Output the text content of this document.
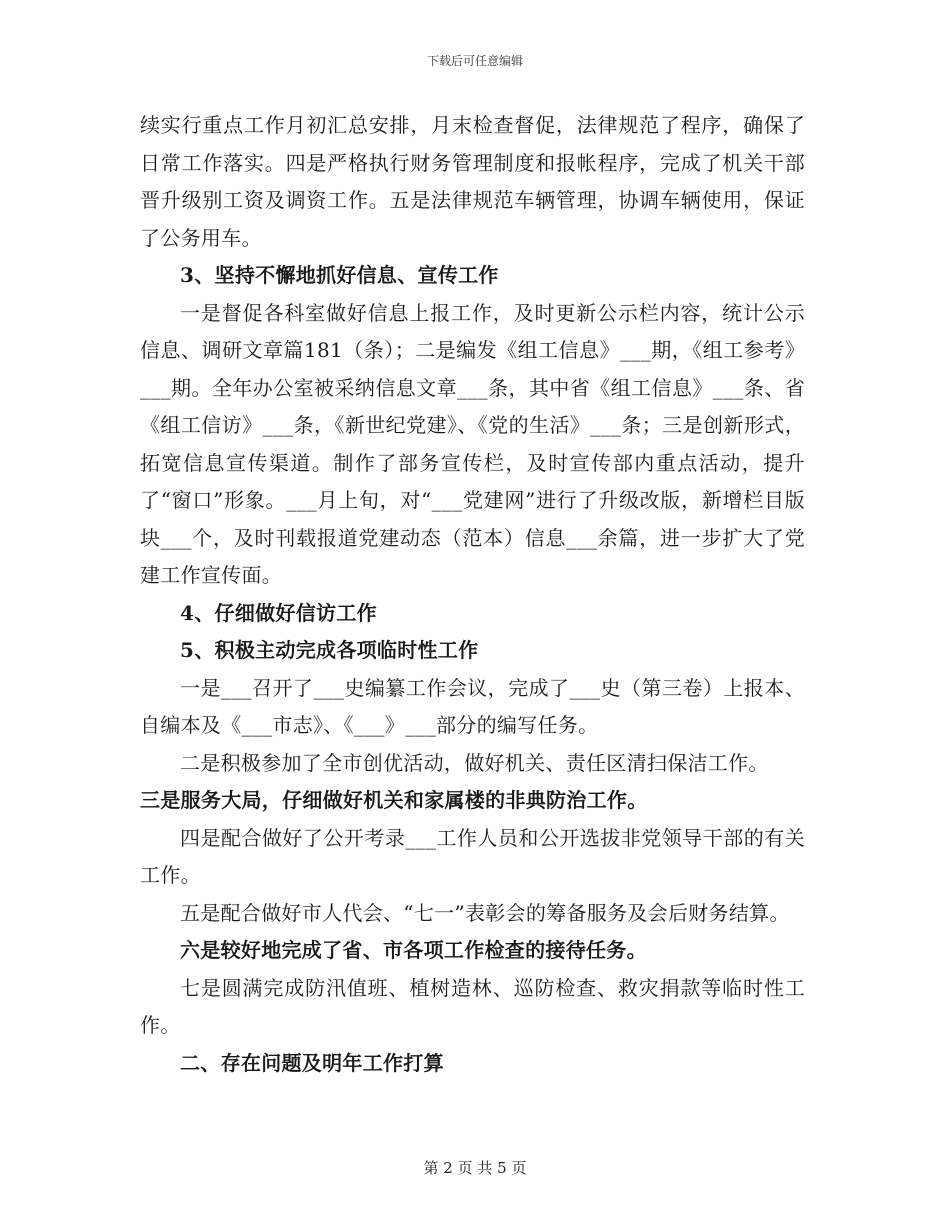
下载后可任意编辑

续实行重点工作月初汇总安排，月末检查督促，法律规范了程序，确保了日常工作落实。四是严格执行财务管理制度和报帐程序，完成了机关干部晋升级别工资及调资工作。五是法律规范车辆管理，协调车辆使用，保证了公务用车。

3、坚持不懈地抓好信息、宣传工作

一是督促各科室做好信息上报工作，及时更新公示栏内容，统计公示信息、调研文章篇181（条）；二是编发《组工信息》___期，《组工参考》___期。全年办公室被采纳信息文章___条，其中省《组工信息》___条、省《组工信访》___条，《新世纪党建》、《党的生活》___条；三是创新形式，拓宽信息宣传渠道。制作了部务宣传栏，及时宣传部内重点活动，提升了“窗口”形象。___月上旬，对“___党建网”进行了升级改版，新增栏目版块___个，及时刊载报道党建动态（范本）信息___余篇，进一步扩大了党建工作宣传面。

4、仔细做好信访工作

5、积极主动完成各项临时性工作

一是___召开了___史编纂工作会议，完成了___史（第三卷）上报本、自编本及《___市志》、《___》___部分的编写任务。

二是积极参加了全市创优活动，做好机关、责任区清扫保洁工作。

三是服务大局，仔细做好机关和家属楼的非典防治工作。

四是配合做好了公开考录___工作人员和公开选拔非党领导干部的有关工作。

五是配合做好市人代会、“七一”表彰会的筹备服务及会后财务结算。

六是较好地完成了省、市各项工作检查的接待任务。

七是圆满完成防汛值班、植树造林、巡防检查、救灾捐款等临时性工作。

二、存在问题及明年工作打算

第 2 页 共 5 页
